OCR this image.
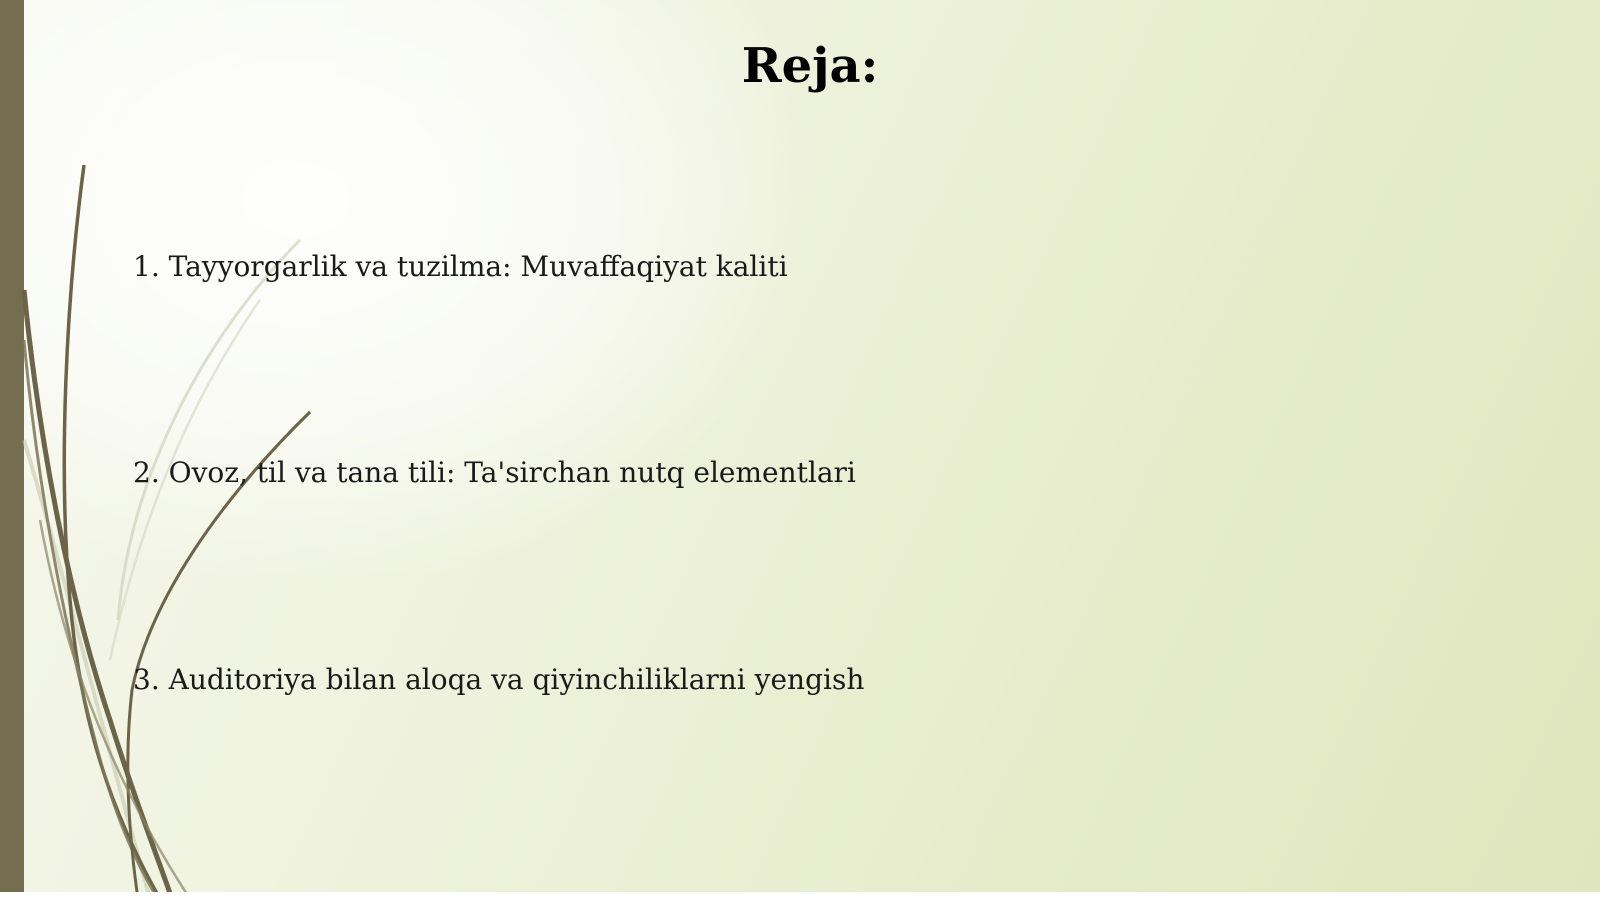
Reja:
1. Tayyorgarlik va tuzilma: Muvaffaqiyat kaliti
2. Ovoz, til va tana tili: Ta'sirchan nutq elementlari
3. Auditoriya bilan aloqa va qiyinchiliklarni yengish
